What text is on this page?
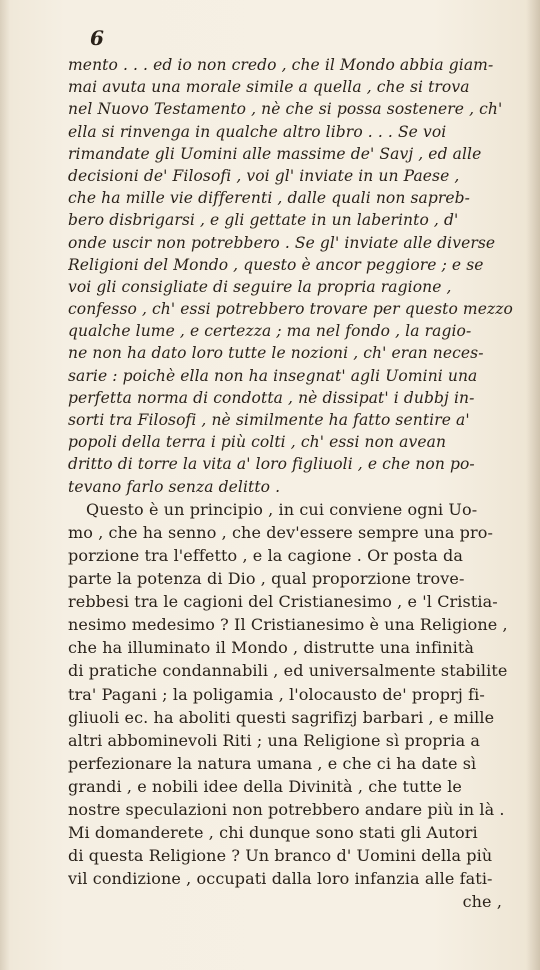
6
mento . . . ed io non credo , che il Mondo abbia giam-
mai avuta una morale simile a quella , che si trova
nel Nuovo Testamento , nè che si possa sostenere , ch'
ella si rinvenga in qualche altro libro . . . Se voi
rimandate gli Uomini alle massime de' Savj , ed alle
decisioni de' Filosofi , voi gl' inviate in un Paese ,
che ha mille vie differenti , dalle quali non sapreb-
bero disbrigarsi , e gli gettate in un laberinto , d'
onde uscir non potrebbero . Se gl' inviate alle diverse
Religioni del Mondo , questo è ancor peggiore ; e se
voi gli consigliate di seguire la propria ragione ,
confesso , ch' essi potrebbero trovare per questo mezzo
qualche lume , e certezza ; ma nel fondo , la ragio-
ne non ha dato loro tutte le nozioni , ch' eran neces-
sarie : poichè ella non ha insegnat' agli Uomini una
perfetta norma di condotta , nè dissipat' i dubbj in-
sorti tra Filosofi , nè similmente ha fatto sentire a'
popoli della terra i più colti , ch' essi non avean
dritto di torre la vita a' loro figliuoli , e che non po-
tevano farlo senza delitto .
Questo è un principio , in cui conviene ogni Uo-
mo , che ha senno , che dev'essere sempre una pro-
porzione tra l'effetto , e la cagione . Or posta da
parte la potenza di Dio , qual proporzione trove-
rebbesi tra le cagioni del Cristianesimo , e 'l Cristia-
nesimo medesimo ? Il Cristianesimo è una Religione ,
che ha illuminato il Mondo , distrutte una infinità
di pratiche condannabili , ed universalmente stabilite
tra' Pagani ; la poligamia , l'olocausto de' proprj fi-
gliuoli ec. ha aboliti questi sagrifizj barbari , e mille
altri abbominevoli Riti ; una Religione sì propria a
perfezionare la natura umana , e che ci ha date sì
grandi , e nobili idee della Divinità , che tutte le
nostre speculazioni non potrebbero andare più in là .
Mi domanderete , chi dunque sono stati gli Autori
di questa Religione ? Un branco d' Uomini della più
vil condizione , occupati dalla loro infanzia alle fati-
che ,
